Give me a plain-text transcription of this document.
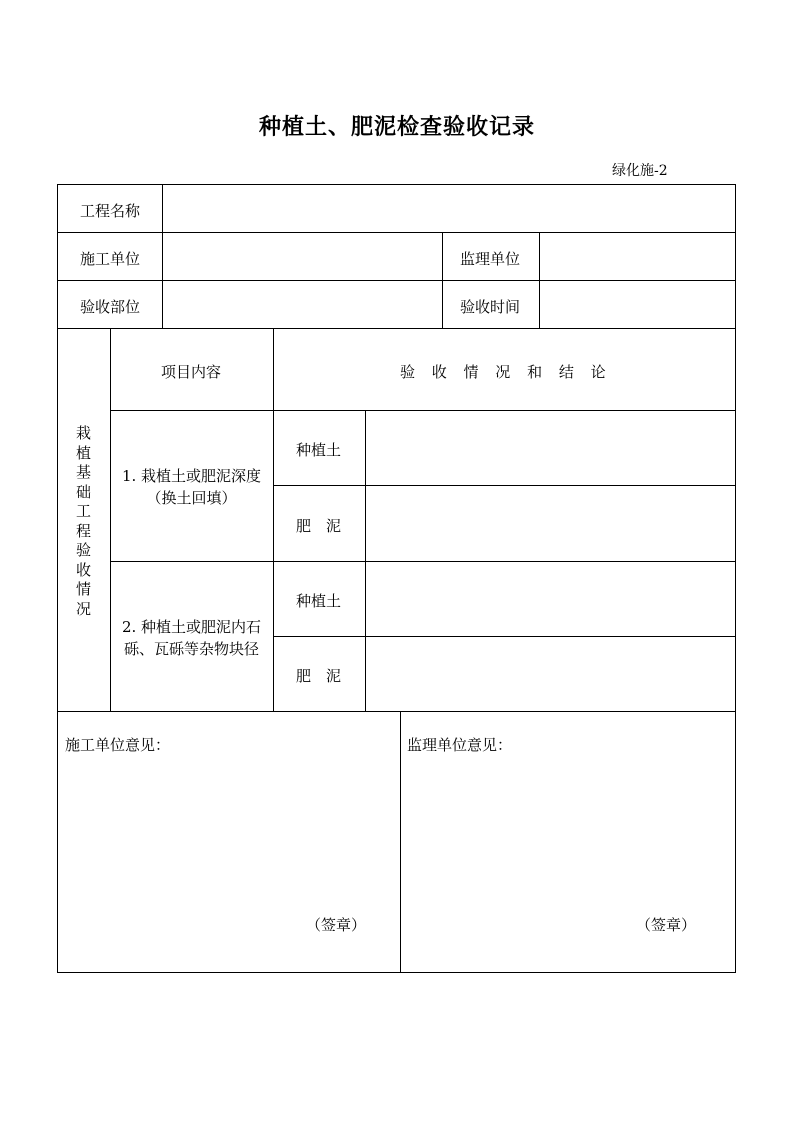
种植土、肥泥检查验收记录
绿化施-2
工程名称
施工单位	监理单位
验收部位	验收时间
栽
植
基
础
工
程
验
收
情
况
项目内容	验 收 情 况 和 结 论
1. 栽植土或肥泥深度
（换土回填）
种植土
肥　泥
2. 种植土或肥泥内石
砾、瓦砾等杂物块径
种植土
肥　泥
施工单位意见：	监理单位意见：
（签章）	（签章）
